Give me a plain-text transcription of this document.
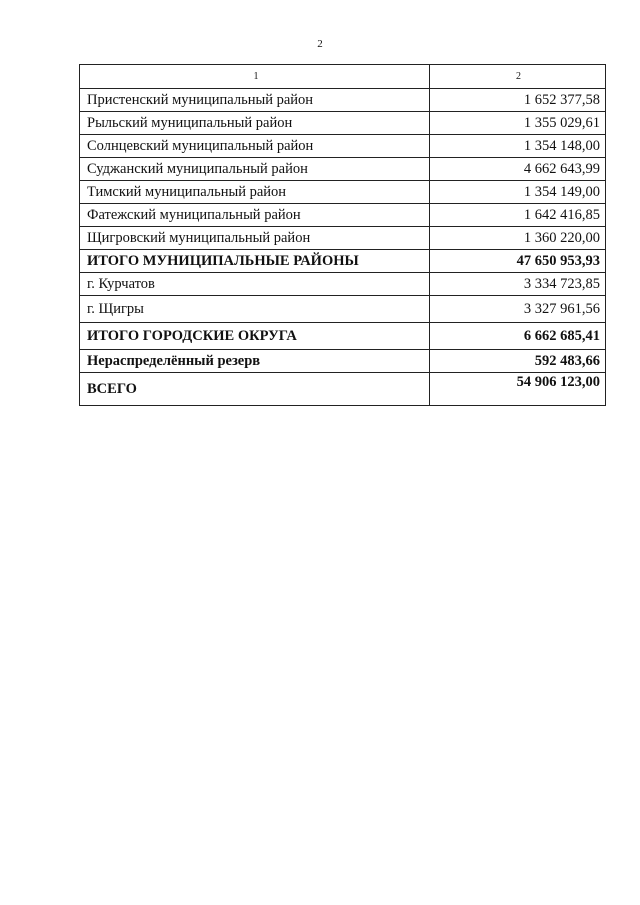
2
1	2
Пристенский муниципальный район	1 652 377,58
Рыльский муниципальный район	1 355 029,61
Солнцевский муниципальный район	1 354 148,00
Суджанский муниципальный район	4 662 643,99
Тимский муниципальный район	1 354 149,00
Фатежский муниципальный район	1 642 416,85
Щигровский муниципальный район	1 360 220,00
ИТОГО МУНИЦИПАЛЬНЫЕ РАЙОНЫ	47 650 953,93
г. Курчатов	3 334 723,85
г. Щигры	3 327 961,56
ИТОГО ГОРОДСКИЕ ОКРУГА	6 662 685,41
Нераспределённый резерв	592 483,66
ВСЕГО	54 906 123,00
